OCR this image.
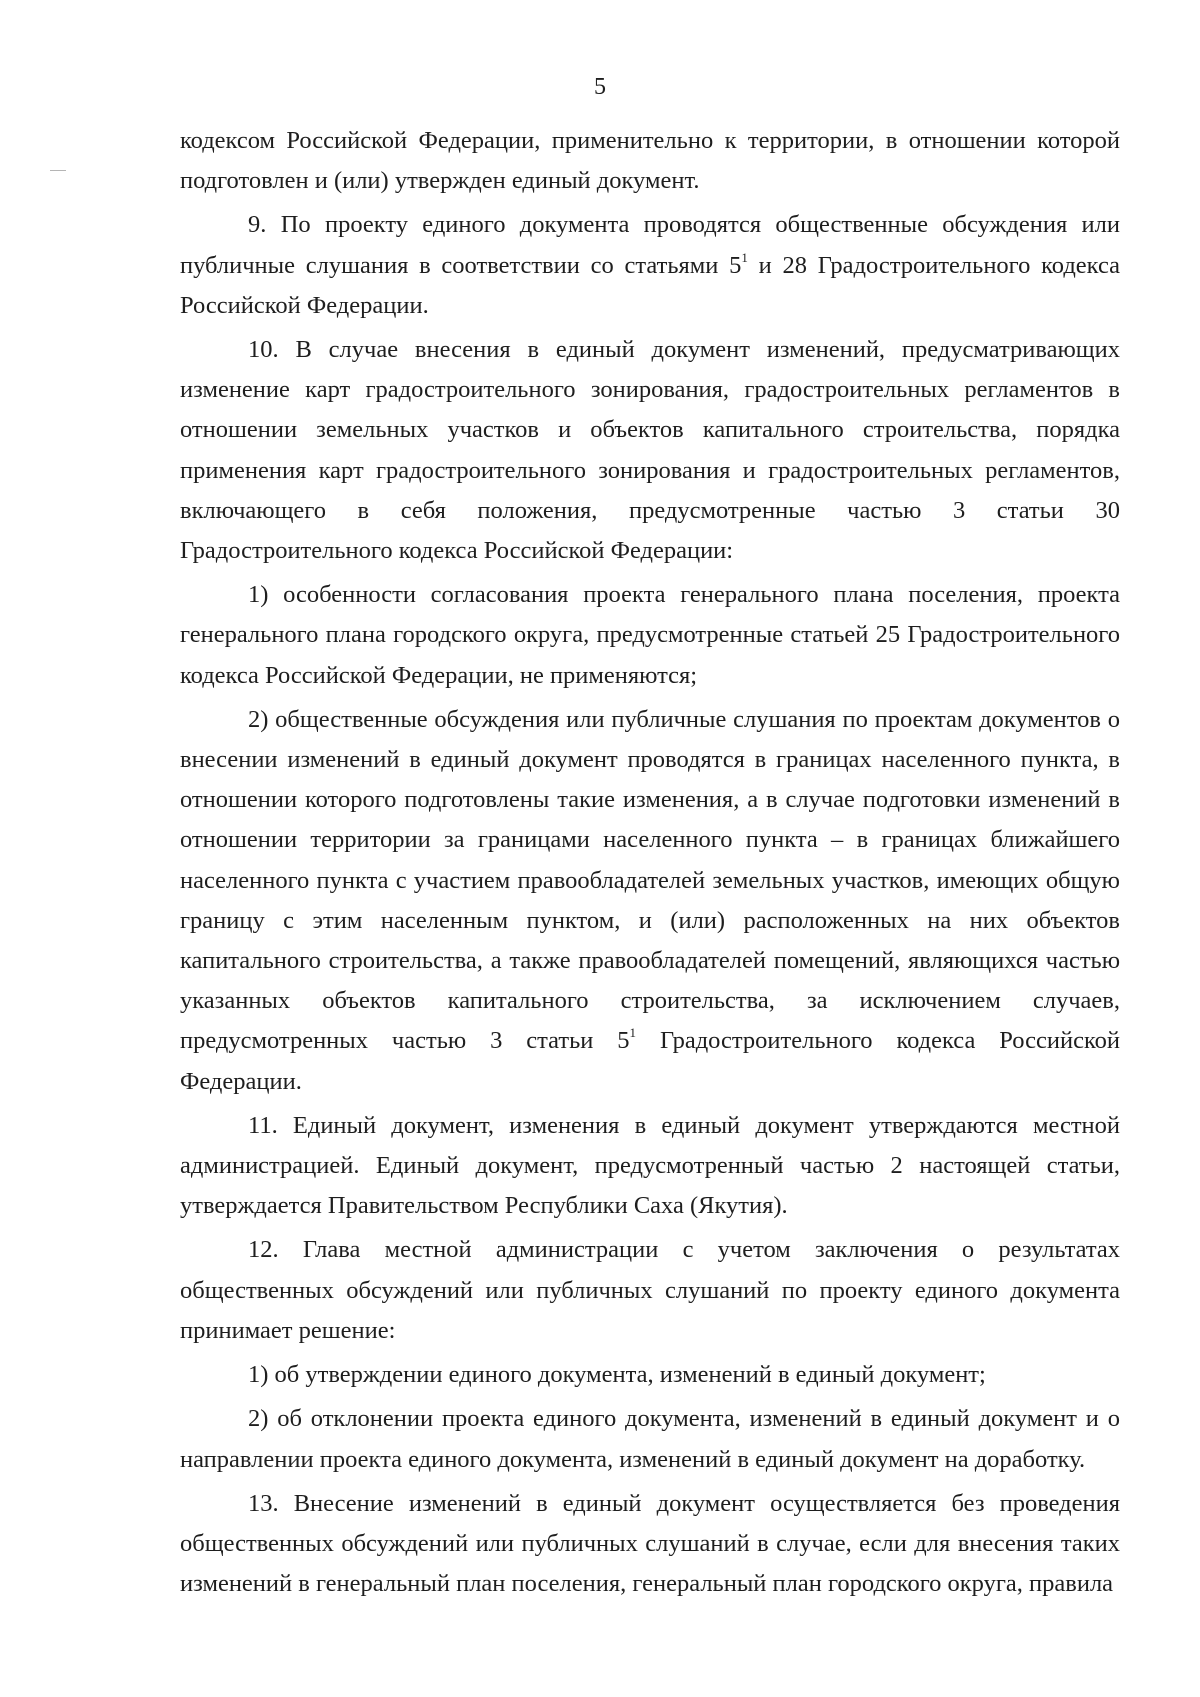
5

кодексом Российской Федерации, применительно к территории, в отношении которой подготовлен и (или) утвержден единый документ.

9. По проекту единого документа проводятся общественные обсуждения или публичные слушания в соответствии со статьями $5^1$ и 28 Градостроительного кодекса Российской Федерации.

10. В случае внесения в единый документ изменений, предусматривающих изменение карт градостроительного зонирования, градостроительных регламентов в отношении земельных участков и объектов капитального строительства, порядка применения карт градостроительного зонирования и градостроительных регламентов, включающего в себя положения, предусмотренные частью 3 статьи 30 Градостроительного кодекса Российской Федерации:

1) особенности согласования проекта генерального плана поселения, проекта генерального плана городского округа, предусмотренные статьей 25 Градостроительного кодекса Российской Федерации, не применяются;

2) общественные обсуждения или публичные слушания по проектам документов о внесении изменений в единый документ проводятся в границах населенного пункта, в отношении которого подготовлены такие изменения, а в случае подготовки изменений в отношении территории за границами населенного пункта – в границах ближайшего населенного пункта с участием правообладателей земельных участков, имеющих общую границу с этим населенным пунктом, и (или) расположенных на них объектов капитального строительства, а также правообладателей помещений, являющихся частью указанных объектов капитального строительства, за исключением случаев, предусмотренных частью 3 статьи $5^1$ Градостроительного кодекса Российской Федерации.

11. Единый документ, изменения в единый документ утверждаются местной администрацией. Единый документ, предусмотренный частью 2 настоящей статьи, утверждается Правительством Республики Саха (Якутия).

12. Глава местной администрации с учетом заключения о результатах общественных обсуждений или публичных слушаний по проекту единого документа принимает решение:

1) об утверждении единого документа, изменений в единый документ;

2) об отклонении проекта единого документа, изменений в единый документ и о направлении проекта единого документа, изменений в единый документ на доработку.

13. Внесение изменений в единый документ осуществляется без проведения общественных обсуждений или публичных слушаний в случае, если для внесения таких изменений в генеральный план поселения, генеральный план городского округа, правила
